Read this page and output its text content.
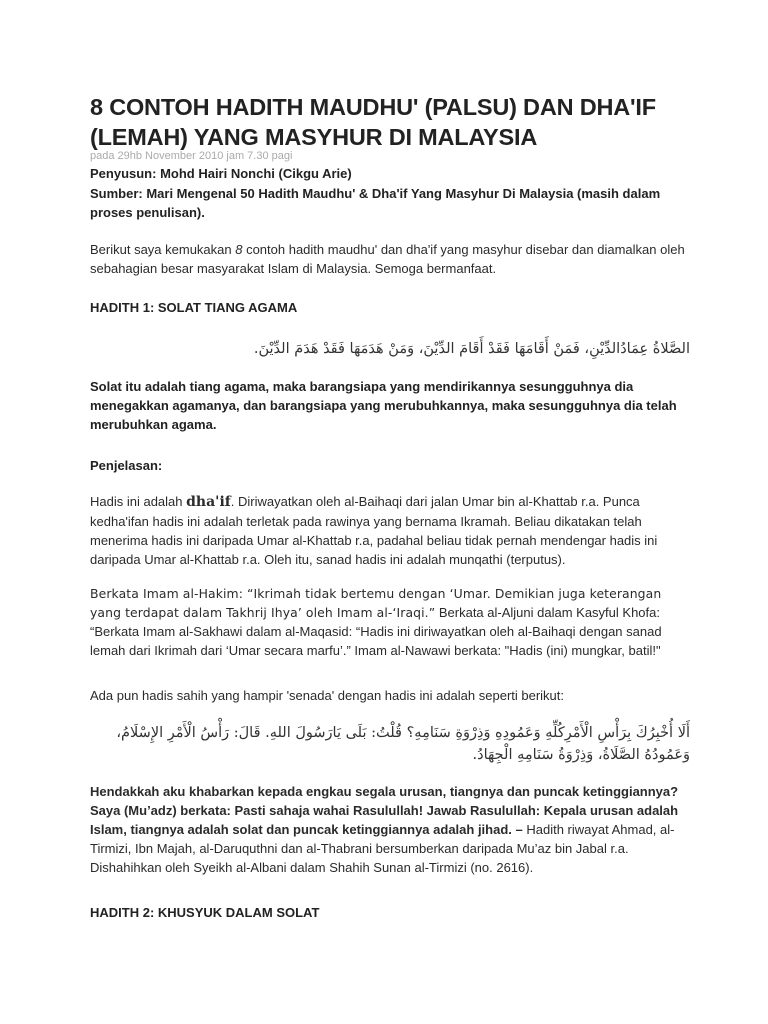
8 CONTOH HADITH MAUDHU' (PALSU) DAN DHA'IF
(LEMAH) YANG MASYHUR DI MALAYSIA
pada 29hb November 2010 jam 7.30 pagi
Penyusun: Mohd Hairi Nonchi (Cikgu Arie)
Sumber: Mari Mengenal 50 Hadith Maudhu' & Dha'if Yang Masyhur Di Malaysia (masih dalam proses penulisan).
Berikut saya kemukakan 8 contoh hadith maudhu' dan dha'if yang masyhur disebar dan diamalkan oleh sebahagian besar masyarakat Islam di Malaysia. Semoga bermanfaat.
HADITH 1: SOLAT TIANG AGAMA
الصَّلاةُ عِمَادُالدِّيْنِ، فَمَنْ أَقَامَهَا فَقَدْ أَقَامَ الدِّيْنَ، وَمَنْ هَدَمَهَا فَقَدْ هَدَمَ الدِّيْنَ.
Solat itu adalah tiang agama, maka barangsiapa yang mendirikannya sesungguhnya dia menegakkan agamanya, dan barangsiapa yang merubuhkannya, maka sesungguhnya dia telah merubuhkan agama.
Penjelasan:
Hadis ini adalah dha'if. Diriwayatkan oleh al-Baihaqi dari jalan Umar bin al-Khattab r.a. Punca kedha'ifan hadis ini adalah terletak pada rawinya yang bernama Ikramah. Beliau dikatakan telah menerima hadis ini daripada Umar al-Khattab r.a, padahal beliau tidak pernah mendengar hadis ini daripada Umar al-Khattab r.a. Oleh itu, sanad hadis ini adalah munqathi (terputus).
Berkata Imam al-Hakim: “Ikrimah tidak bertemu dengan ‘Umar. Demikian juga keterangan yang terdapat dalam Takhrij Ihya’ oleh Imam al-‘Iraqi.” Berkata al-Aljuni dalam Kasyful Khofa: “Berkata Imam al-Sakhawi dalam al-Maqasid: “Hadis ini diriwayatkan oleh al-Baihaqi dengan sanad lemah dari Ikrimah dari ‘Umar secara marfu’.” Imam al-Nawawi berkata: "Hadis (ini) mungkar, batil!"
Ada pun hadis sahih yang hampir 'senada' dengan hadis ini adalah seperti berikut:
أَلَا أُخْبِرُكَ بِرَأْسِ الْأَمْرِكُلِّهِ وَعَمُودِهِ وَذِرْوَةِ سَنَامِهِ؟ قُلْتُ: بَلَى يَارَسُولَ اللهِ. قَالَ: رَأْسُ الْأَمْرِ الإِسْلَامُ، وَعَمُودُهُ الصَّلَاةُ، وَذِرْوَةُ سَنَامِهِ الْجِهَادُ.
Hendakkah aku khabarkan kepada engkau segala urusan, tiangnya dan puncak ketinggiannya? Saya (Mu’adz) berkata: Pasti sahaja wahai Rasulullah! Jawab Rasulullah: Kepala urusan adalah Islam, tiangnya adalah solat dan puncak ketinggiannya adalah jihad. – Hadith riwayat Ahmad, al-Tirmizi, Ibn Majah, al-Daruquthni dan al-Thabrani bersumberkan daripada Mu’az bin Jabal r.a. Dishahihkan oleh Syeikh al-Albani dalam Shahih Sunan al-Tirmizi (no. 2616).
HADITH 2: KHUSYUK DALAM SOLAT
